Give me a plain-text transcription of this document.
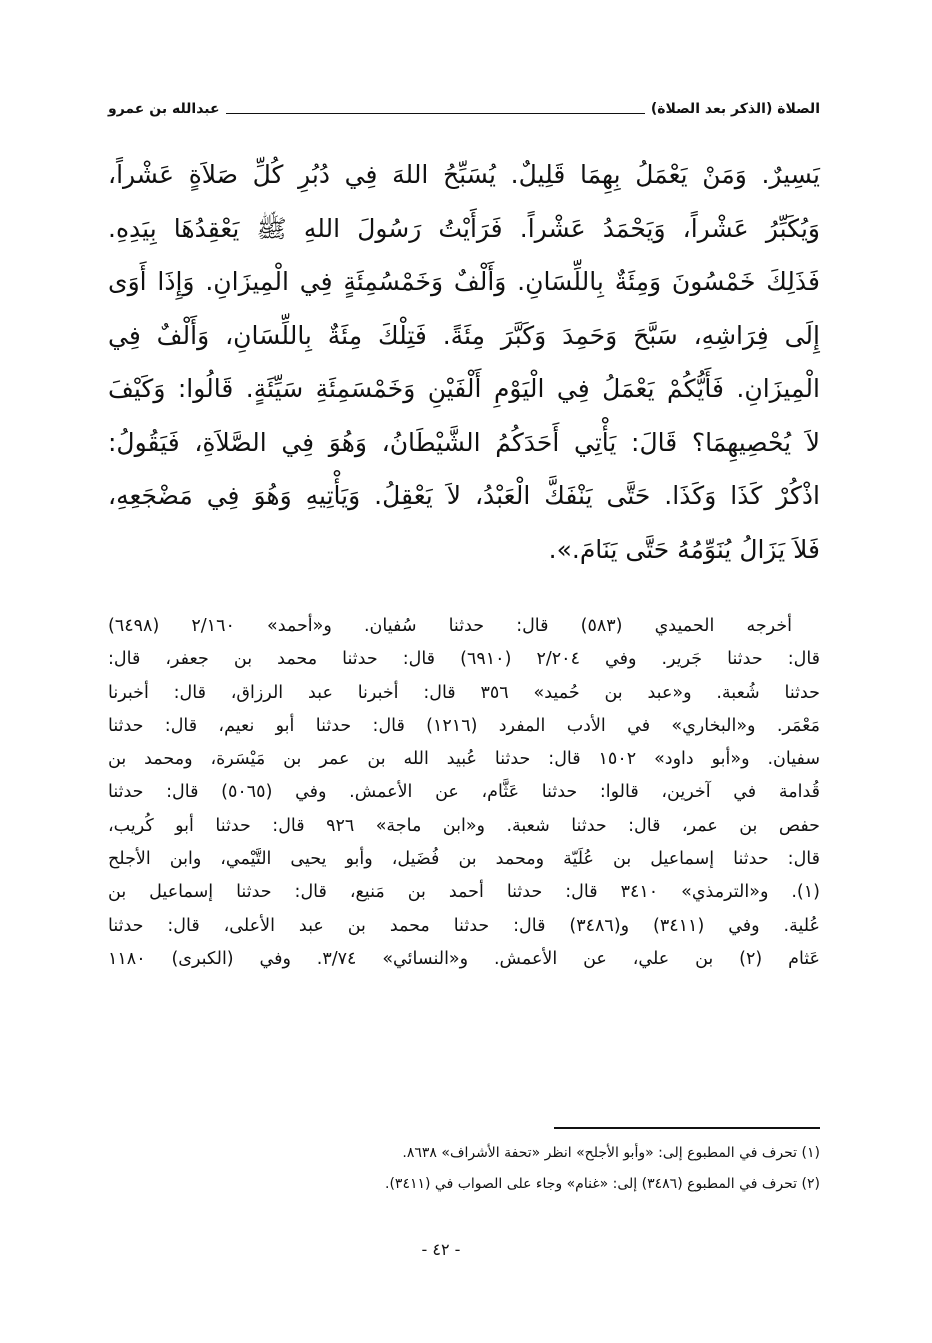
الصلاة (الذكر بعد الصلاة)
عبدالله بن عمرو
يَسِيرٌ. وَمَنْ يَعْمَلُ بِهِمَا قَلِيلٌ. يُسَبِّحُ اللهَ فِي دُبُرِ كُلِّ صَلاَةٍ عَشْراً،
وَيُكَبِّرُ عَشْراً، وَيَحْمَدُ عَشْراً. فَرَأَيْتُ رَسُولَ اللهِ ﷺ يَعْقِدُهَا بِيَدِهِ.
فَذَلِكَ خَمْسُونَ وَمِئَةٌ بِاللِّسَانِ. وَأَلْفٌ وَخَمْسُمِئَةٍ فِي الْمِيزَانِ. وَإِذَا أَوَى
إِلَى فِرَاشِهِ، سَبَّحَ وَحَمِدَ وَكَبَّرَ مِئَةً. فَتِلْكَ مِئَةٌ بِاللِّسَانِ، وَأَلْفٌ فِي
الْمِيزَانِ. فَأَيُّكُمْ يَعْمَلُ فِي الْيَوْمِ أَلْفَيْنِ وَخَمْسَمِئَةِ سَيِّئَةٍ. قَالُوا: وَكَيْفَ
لاَ يُحْصِيهِمَا؟ قَالَ: يَأْتِي أَحَدَكُمُ الشَّيْطَانُ، وَهُوَ فِي الصَّلاَةِ، فَيَقُولُ:
اذْكُرْ كَذَا وَكَذَا. حَتَّى يَنْفَكَّ الْعَبْدُ، لاَ يَعْقِلُ. وَيَأْتِيهِ وَهُوَ فِي مَضْجَعِهِ،
فَلاَ يَزَالُ يُنَوِّمُهُ حَتَّى يَنَامَ.».
أخرجه الحميدي (٥٨٣) قال: حدثنا سُفيان. و«أحمد» ٢/١٦٠ (٦٤٩٨)
قال: حدثنا جَرير. وفي ٢/٢٠٤ (٦٩١٠) قال: حدثنا محمد بن جعفر، قال:
حدثنا شُعبة. و«عبد بن حُميد» ٣٥٦ قال: أخبرنا عبد الرزاق، قال: أخبرنا
مَعْمَر. و«البخاري» في الأدب المفرد (١٢١٦) قال: حدثنا أبو نعيم، قال: حدثنا
سفيان. و«أبو داود» ١٥٠٢ قال: حدثنا عُبيد الله بن عمر بن مَيْسَرة، ومحمد بن
قُدامة في آخرين، قالوا: حدثنا عَثَّام، عن الأعمش. وفي (٥٠٦٥) قال: حدثنا
حفص بن عمر، قال: حدثنا شعبة. و«ابن ماجة» ٩٢٦ قال: حدثنا أبو كُريب،
قال: حدثنا إسماعيل بن عُلَيّة ومحمد بن فُضَيل، وأبو يحيى التَّيْمي، وابن الأجلح
(١). و«الترمذي» ٣٤١٠ قال: حدثنا أحمد بن مَنيع، قال: حدثنا إسماعيل بن
عُلية. وفي (٣٤١١) و(٣٤٨٦) قال: حدثنا محمد بن عبد الأعلى، قال: حدثنا
عَثام (٢) بن علي، عن الأعمش. و«النسائي» ٣/٧٤. وفي (الكبرى) ١١٨٠
(١) تحرف في المطبوع إلى: «وأبو الأجلح» انظر «تحفة الأشراف» ٨٦٣٨.
(٢) تحرف في المطبوع (٣٤٨٦) إلى: «غنام» وجاء على الصواب في (٣٤١١).
- ٤٢ -
